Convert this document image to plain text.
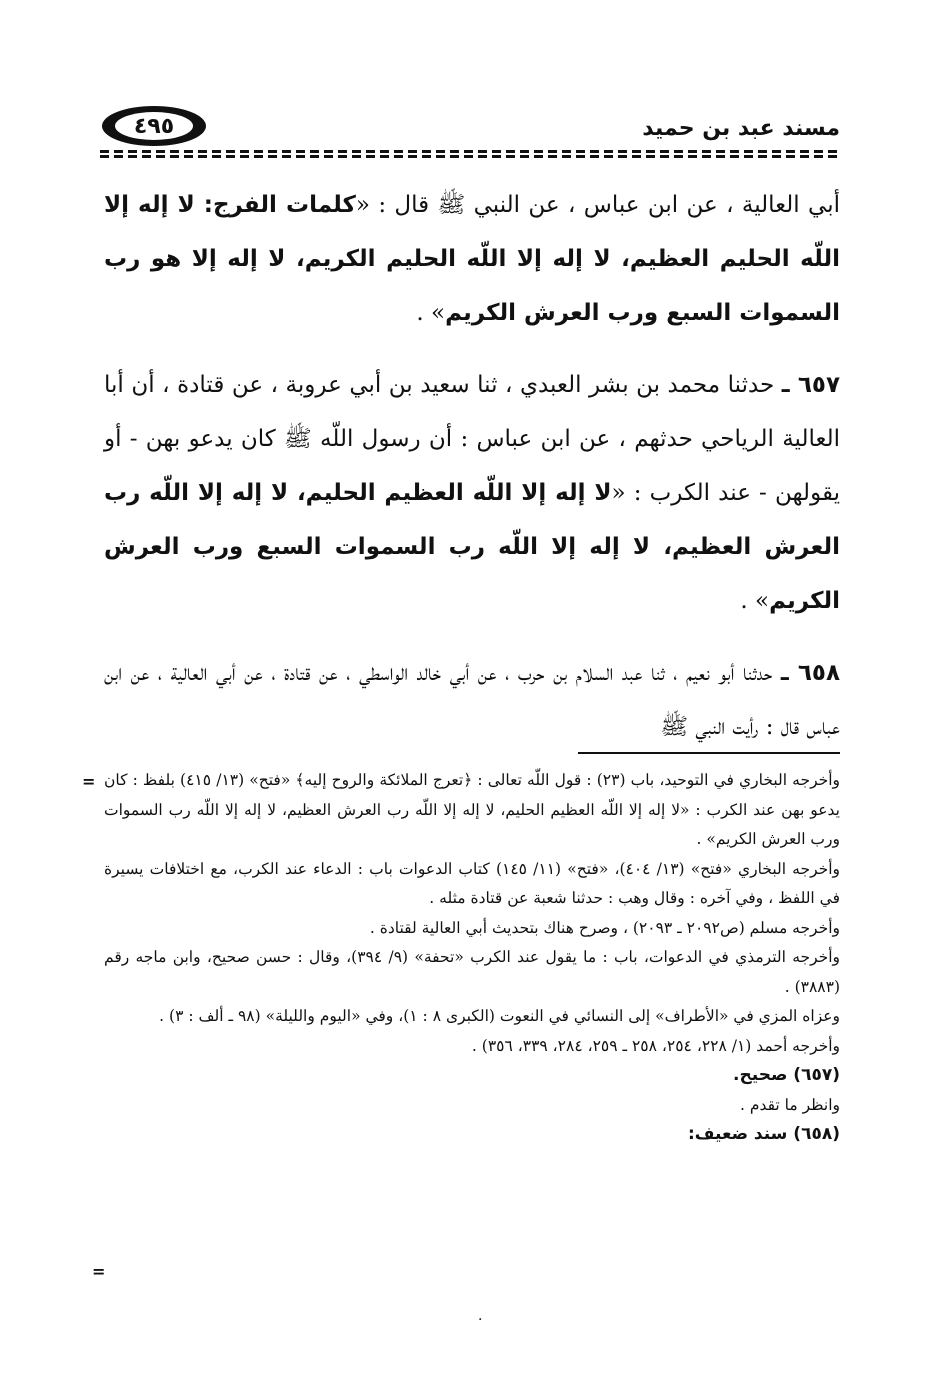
٤٩٥	مسند عبد بن حميد

أبي العالية ، عن ابن عباس ، عن النبي ﷺ قال : «كلمات الفرج: لا إله إلا اللّه الحليم العظيم، لا إله إلا اللّه الحليم الكريم، لا إله إلا هو رب السموات السبع ورب العرش الكريم» .

٦٥٧ ـ حدثنا محمد بن بشر العبدي ، ثنا سعيد بن أبي عروبة ، عن قتادة ، أن أبا العالية الرياحي حدثهم ، عن ابن عباس : أن رسول اللّه ﷺ كان يدعو بهن - أو يقولهن - عند الكرب : «لا إله إلا اللّه العظيم الحليم، لا إله إلا اللّه رب العرش العظيم، لا إله إلا اللّه رب السموات السبع ورب العرش الكريم» .

٦٥٨ ـ حدثنا أبو نعيم ، ثنا عبد السلام بن حرب ، عن أبي خالد الواسطي ، عن قتادة ، عن أبي العالية ، عن ابن عباس قال : رأيت النبي ﷺ

= وأخرجه البخاري في التوحيد، باب (٢٣) : قول اللّه تعالى : ﴿تعرج الملائكة والروح إليه﴾ «فتح» (١٣/ ٤١٥) بلفظ : كان يدعو بهن عند الكرب : «لا إله إلا اللّه العظيم الحليم، لا إله إلا اللّه رب العرش العظيم، لا إله إلا اللّه رب السموات ورب العرش الكريم» .

وأخرجه البخاري «فتح» (١٣/ ٤٠٤)، «فتح» (١١/ ١٤٥) كتاب الدعوات باب : الدعاء عند الكرب، مع اختلافات يسيرة في اللفظ ، وفي آخره : وقال وهب : حدثنا شعبة عن قتادة مثله .

وأخرجه مسلم (ص٢٠٩٢ ـ ٢٠٩٣) ، وصرح هناك بتحديث أبي العالية لقتادة .

وأخرجه الترمذي في الدعوات، باب : ما يقول عند الكرب «تحفة» (٩/ ٣٩٤)، وقال : حسن صحيح، وابن ماجه رقم (٣٨٨٣) .

وعزاه المزي في «الأطراف» إلى النسائي في النعوت (الكبرى ٨ : ١)، وفي «اليوم والليلة» (٩٨ ـ ألف : ٣) .

وأخرجه أحمد (١/ ٢٢٨، ٢٥٤، ٢٥٨ ـ ٢٥٩، ٢٨٤، ٣٣٩، ٣٥٦) .

(٦٥٧) صحيح.

وانظر ما تقدم .

(٦٥٨) سند ضعيف:

=
·
